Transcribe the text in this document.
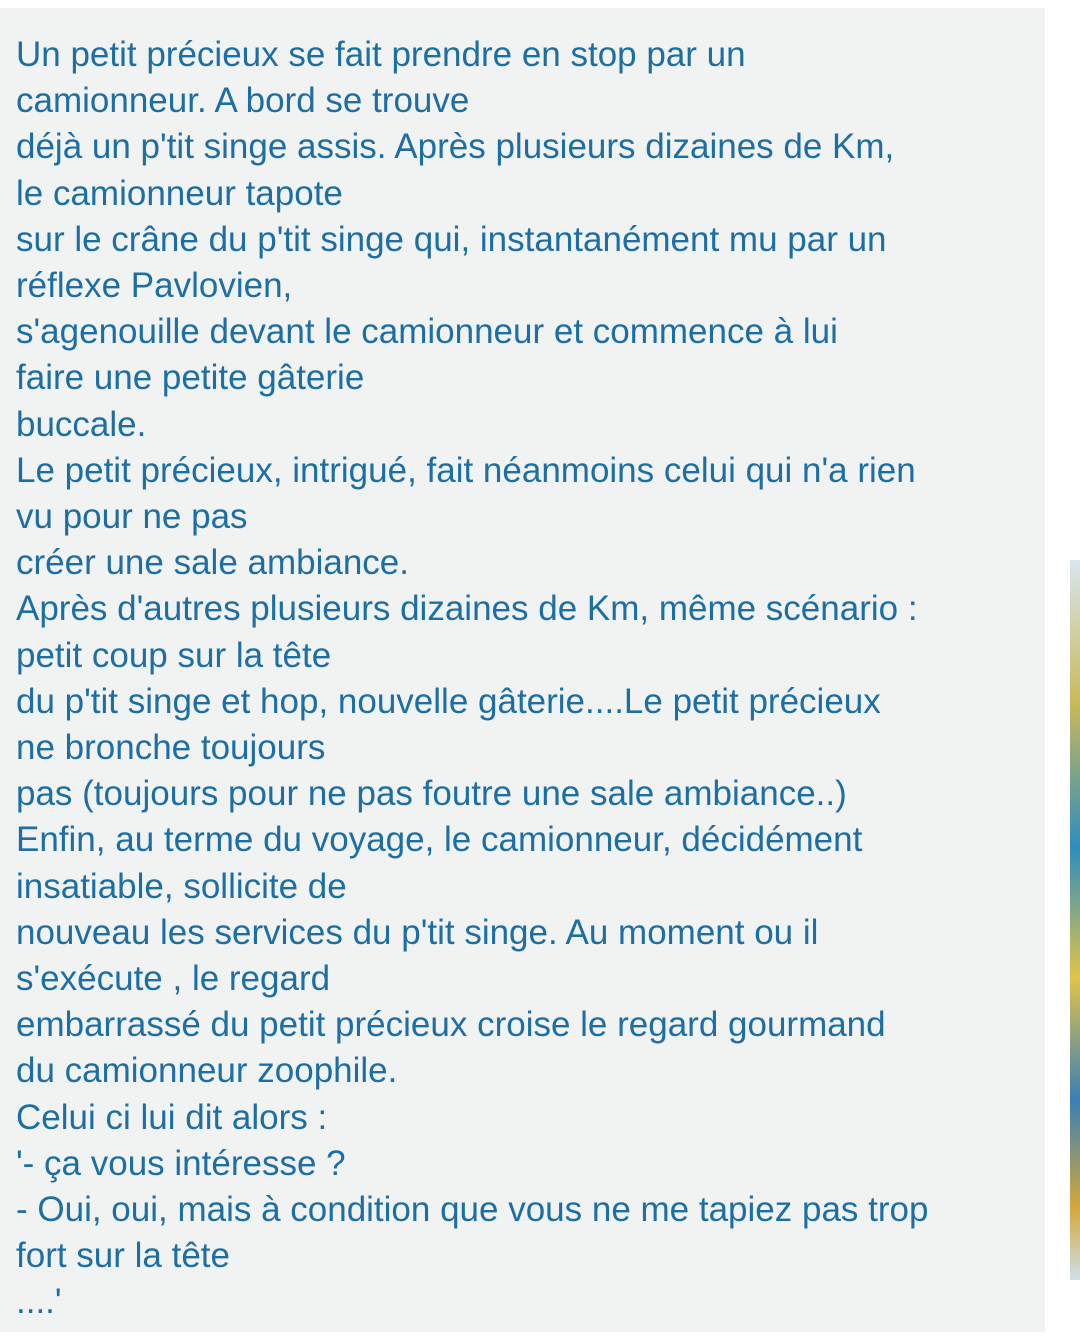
Un petit précieux se fait prendre en stop par un

camionneur. A bord se trouve

déjà un p'tit singe assis. Après plusieurs dizaines de Km,

le camionneur tapote

sur le crâne du p'tit singe qui, instantanément mu par un

réflexe Pavlovien,

s'agenouille devant le camionneur et commence à lui

faire une petite gâterie

buccale.

Le petit précieux, intrigué, fait néanmoins celui qui n'a rien

vu pour ne pas

créer une sale ambiance.

Après d'autres plusieurs dizaines de Km, même scénario :

petit coup sur la tête

du p'tit singe et hop, nouvelle gâterie....Le petit précieux

ne bronche toujours

pas (toujours pour ne pas foutre une sale ambiance..)

Enfin, au terme du voyage, le camionneur, décidément

insatiable, sollicite de

nouveau les services du p'tit singe. Au moment ou il

s'exécute , le regard

embarrassé du petit précieux croise le regard gourmand

du camionneur zoophile.

Celui ci lui dit alors :

'- ça vous intéresse ?

- Oui, oui, mais à condition que vous ne me tapiez pas trop

fort sur la tête

....'
